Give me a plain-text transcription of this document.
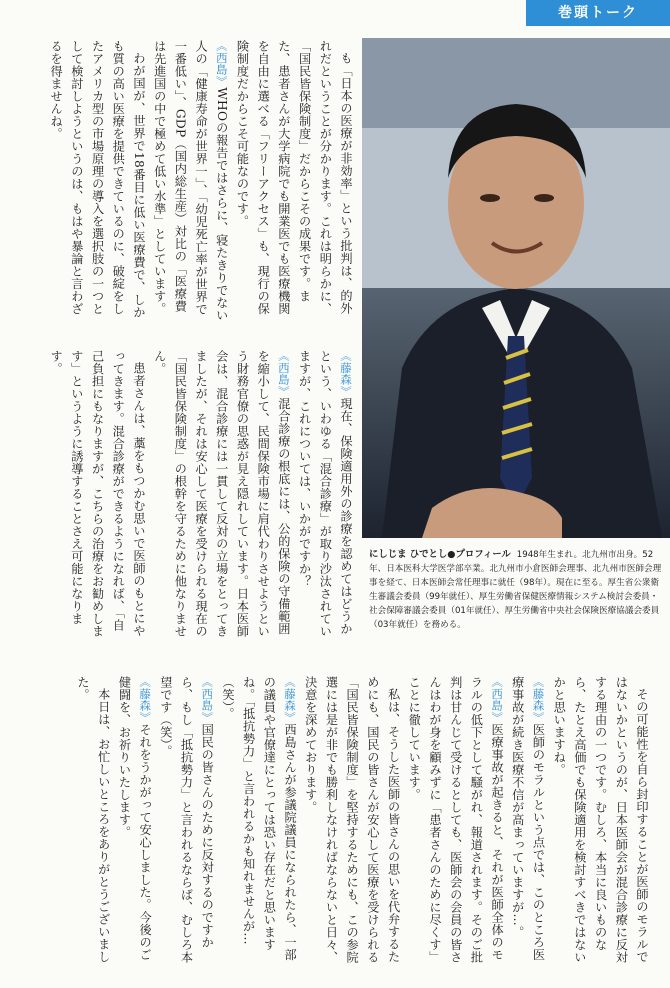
巻頭トーク

も「日本の医療が非効率」という批判は、的外れだということが分かります。これは明らかに、「国民皆保険制度」だからこその成果です。また、患者さんが大学病院でも開業医でも医療機関を自由に選べる「フリーアクセス」も、現行の保険制度だからこそ可能なのです。

《西島》WHOの報告ではさらに、寝たきりでない人の「健康寿命が世界一」、「幼児死亡率が世界で一番低い」、GDP（国内総生産）対比の「医療費は先進国の中で極めて低い水準」としています。

わが国が、世界で18番目に低い医療費で、しかも質の高い医療を提供できているのに、破綻をしたアメリカ型の市場原理の導入を選択肢の一つとして検討しようというのは、もはや暴論と言わざるを得ませんね。

《藤森》現在、保険適用外の診療を認めてはどうかという、いわゆる「混合診療」が取り沙汰されていますが、これについては、いかがですか？

《西島》混合診療の根底には、公的保険の守備範囲を縮小して、民間保険市場に肩代わりさせようという財務官僚の思惑が見え隠れしています。日本医師会は、混合診療には一貫して反対の立場をとってきましたが、それは安心して医療を受けられる現在の「国民皆保険制度」の根幹を守るために他なりません。

患者さんは、藁をもつかむ思いで医師のもとにやってきます。混合診療ができるようになれば、「自己負担にもなりますが、こちらの治療をお勧めします」というように誘導することさえ可能になります。

その可能性を自ら封印することが医師のモラルではないかというのが、日本医師会が混合診療に反対する理由の一つです。むしろ、本当に良いものなら、たとえ高価でも保険適用を検討すべきではないかと思いますね。

《藤森》医師のモラルという点では、このところ医療事故が続き医療不信が高まっていますが…。

《西島》医療事故が起きると、それが医師全体のモラルの低下として騒がれ、報道されます。そのご批判は甘んじて受けるとしても、医師会の会員の皆さんはわが身を顧みずに「患者さんのために尽くす」ことに徹しています。

私は、そうした医師の皆さんの思いを代弁するためにも、国民の皆さんが安心して医療を受けられる「国民皆保険制度」を堅持するためにも、この参院選には是が非でも勝利しなければならないと日々、決意を深めております。

《藤森》西島さんが参議院議員になられたら、一部の議員や官僚達にとっては恐い存在だと思いますね。「抵抗勢力」と言われるかも知れませんが…（笑）。

《西島》国民の皆さんのために反対するのですから、もし「抵抗勢力」と言われるならば、むしろ本望です（笑）。

《藤森》それをうかがって安心しました。今後のご健闘を、お祈りいたします。

本日は、お忙しいところをありがとうございました。

にしじま ひでとし●プロフィール 1948年生まれ。北九州市出身。52年、日本医科大学医学部卒業。北九州市小倉医師会理事、北九州市医師会理事を経て、日本医師会常任理事に就任（98年）。現在に至る。厚生省公衆衛生審議会委員（99年就任）、厚生労働省保健医療情報システム検討会委員・社会保障審議会委員（01年就任）、厚生労働省中央社会保険医療協議会委員（03年就任）を務める。
